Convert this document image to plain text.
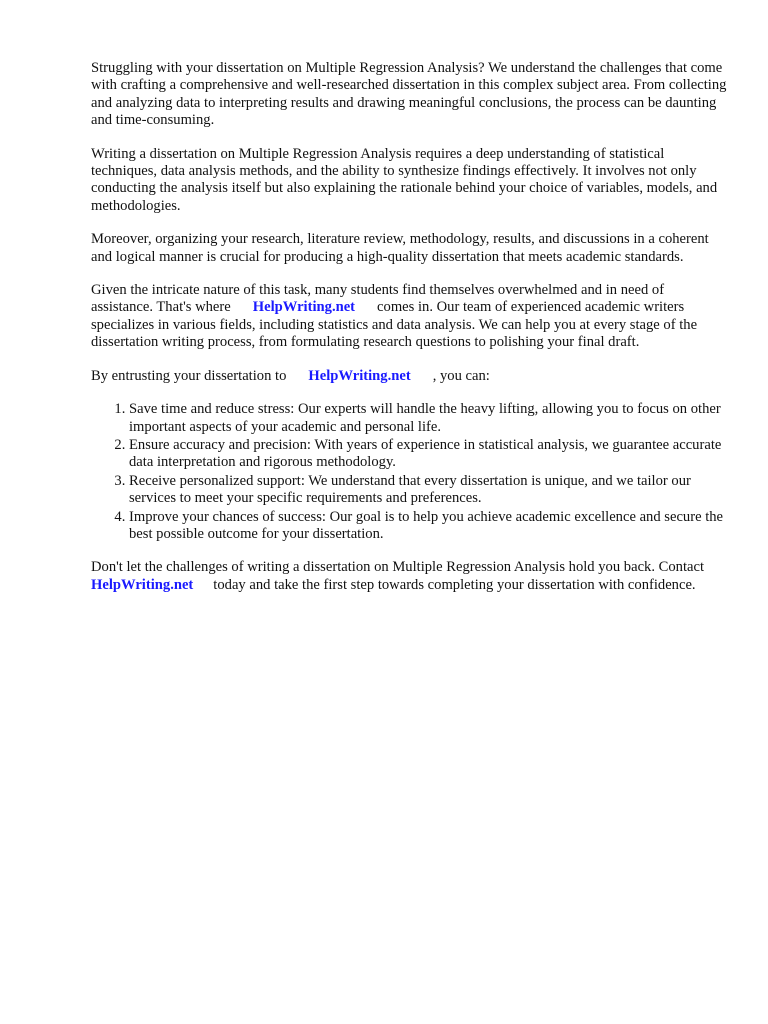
Struggling with your dissertation on Multiple Regression Analysis? We understand the challenges that come with crafting a comprehensive and well-researched dissertation in this complex subject area. From collecting and analyzing data to interpreting results and drawing meaningful conclusions, the process can be daunting and time-consuming.

Writing a dissertation on Multiple Regression Analysis requires a deep understanding of statistical techniques, data analysis methods, and the ability to synthesize findings effectively. It involves not only conducting the analysis itself but also explaining the rationale behind your choice of variables, models, and methodologies.

Moreover, organizing your research, literature review, methodology, results, and discussions in a coherent and logical manner is crucial for producing a high-quality dissertation that meets academic standards.

Given the intricate nature of this task, many students find themselves overwhelmed and in need of assistance. That's where HelpWriting.net comes in. Our team of experienced academic writers specializes in various fields, including statistics and data analysis. We can help you at every stage of the dissertation writing process, from formulating research questions to polishing your final draft.

By entrusting your dissertation to HelpWriting.net , you can:

1. Save time and reduce stress: Our experts will handle the heavy lifting, allowing you to focus on other important aspects of your academic and personal life.
2. Ensure accuracy and precision: With years of experience in statistical analysis, we guarantee accurate data interpretation and rigorous methodology.
3. Receive personalized support: We understand that every dissertation is unique, and we tailor our services to meet your specific requirements and preferences.
4. Improve your chances of success: Our goal is to help you achieve academic excellence and secure the best possible outcome for your dissertation.

Don't let the challenges of writing a dissertation on Multiple Regression Analysis hold you back. ContactHelpWriting.net today and take the first step towards completing your dissertation with confidence.
